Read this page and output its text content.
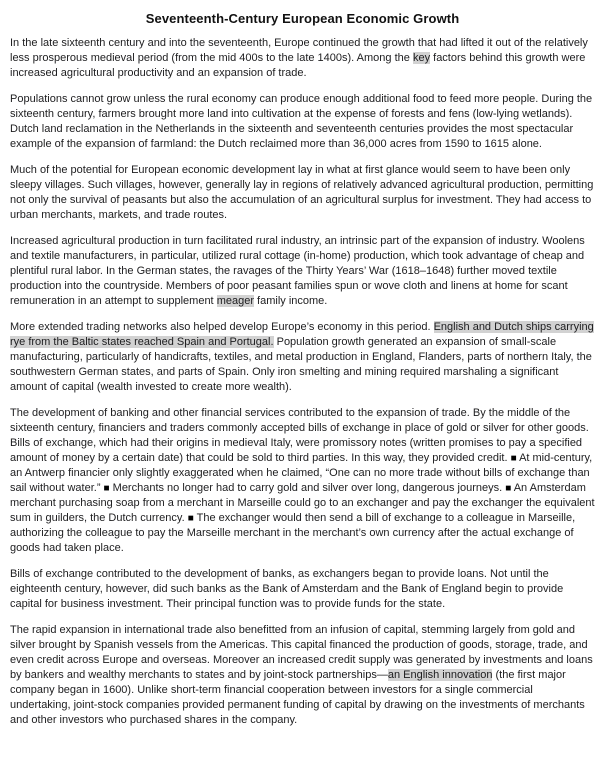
Seventeenth-Century European Economic Growth

In the late sixteenth century and into the seventeenth, Europe continued the growth that had lifted it out of the relatively less prosperous medieval period (from the mid 400s to the late 1400s). Among the key factors behind this growth were increased agricultural productivity and an expansion of trade.

Populations cannot grow unless the rural economy can produce enough additional food to feed more people. During the sixteenth century, farmers brought more land into cultivation at the expense of forests and fens (low-lying wetlands). Dutch land reclamation in the Netherlands in the sixteenth and seventeenth centuries provides the most spectacular example of the expansion of farmland: the Dutch reclaimed more than 36,000 acres from 1590 to 1615 alone.

Much of the potential for European economic development lay in what at first glance would seem to have been only sleepy villages. Such villages, however, generally lay in regions of relatively advanced agricultural production, permitting not only the survival of peasants but also the accumulation of an agricultural surplus for investment. They had access to urban merchants, markets, and trade routes.

Increased agricultural production in turn facilitated rural industry, an intrinsic part of the expansion of industry. Woolens and textile manufacturers, in particular, utilized rural cottage (in-home) production, which took advantage of cheap and plentiful rural labor. In the German states, the ravages of the Thirty Years’ War (1618–1648) further moved textile production into the countryside. Members of poor peasant families spun or wove cloth and linens at home for scant remuneration in an attempt to supplement meager family income.

More extended trading networks also helped develop Europe’s economy in this period. English and Dutch ships carrying rye from the Baltic states reached Spain and Portugal. Population growth generated an expansion of small-scale manufacturing, particularly of handicrafts, textiles, and metal production in England, Flanders, parts of northern Italy, the southwestern German states, and parts of Spain. Only iron smelting and mining required marshaling a significant amount of capital (wealth invested to create more wealth).

The development of banking and other financial services contributed to the expansion of trade. By the middle of the sixteenth century, financiers and traders commonly accepted bills of exchange in place of gold or silver for other goods. Bills of exchange, which had their origins in medieval Italy, were promissory notes (written promises to pay a specified amount of money by a certain date) that could be sold to third parties. In this way, they provided credit. ■ At mid-century, an Antwerp financier only slightly exaggerated when he claimed, “One can no more trade without bills of exchange than sail without water.” ■ Merchants no longer had to carry gold and silver over long, dangerous journeys. ■ An Amsterdam merchant purchasing soap from a merchant in Marseille could go to an exchanger and pay the exchanger the equivalent sum in guilders, the Dutch currency. ■ The exchanger would then send a bill of exchange to a colleague in Marseille, authorizing the colleague to pay the Marseille merchant in the merchant’s own currency after the actual exchange of goods had taken place.

Bills of exchange contributed to the development of banks, as exchangers began to provide loans. Not until the eighteenth century, however, did such banks as the Bank of Amsterdam and the Bank of England begin to provide capital for business investment. Their principal function was to provide funds for the state.

The rapid expansion in international trade also benefitted from an infusion of capital, stemming largely from gold and silver brought by Spanish vessels from the Americas. This capital financed the production of goods, storage, trade, and even credit across Europe and overseas. Moreover an increased credit supply was generated by investments and loans by bankers and wealthy merchants to states and by joint-stock partnerships—an English innovation (the first major company began in 1600). Unlike short-term financial cooperation between investors for a single commercial undertaking, joint-stock companies provided permanent funding of capital by drawing on the investments of merchants and other investors who purchased shares in the company.
